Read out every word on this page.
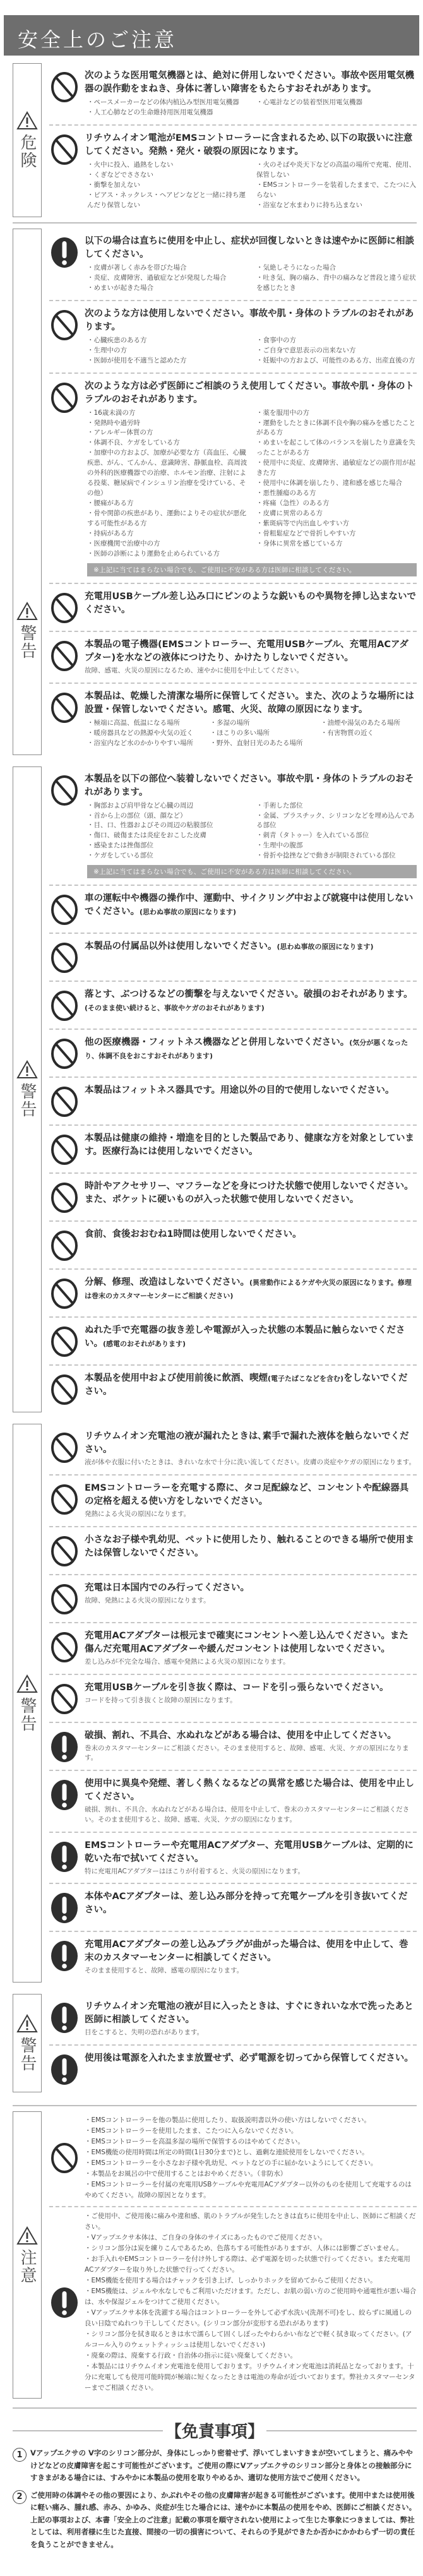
安全上のご注意
危険
次のような医用電気機器とは、絶対に併用しないでください。事故や医用電気機器の誤作動をまねき、身体に著しい障害をもたらすおそれがあります。
・ペースメーカーなどの体内植込み型医用電気機器
・人工心肺などの生命維持用医用電気機器
・心電計などの装着型医用電気機器
リチウムイオン電池がEMSコントローラーに含まれるため､以下の取扱いに注意してください。発熱・発火・破裂の原因になります。
・火中に投入、過熱をしない
・くぎなどでささない
・衝撃を加えない
・ピアス・ネックレス・ヘアピンなどと一緒に持ち運んだり保管しない
・火のそばや炎天下などの高温の場所で充電、使用、保管しない
・EMSコントローラーを装着したままで、こたつに入らない
・浴室など水まわりに持ち込まない
警告
以下の場合は直ちに使用を中止し、症状が回復しないときは速やかに医師に相談してください。
・皮膚が著しく赤みを帯びた場合
・炎症、皮膚障害、過敏症などが発現した場合
・めまいが起きた場合
・気絶しそうになった場合
・吐き気、胸の痛み、背中の痛みなど普段と違う症状を感じたとき
次のような方は使用しないでください。事故や肌・身体のトラブルのおそれがあります。
・心臓疾患のある方
・生理中の方
・医師が使用を不適当と認めた方
・食事中の方
・ご自身で意思表示の出来ない方
・妊娠中の方および、可能性のある方、出産直後の方
次のような方は必ず医師にご相談のうえ使用してください。事故や肌・身体のトラブルのおそれがあります。
・16歳未満の方
・発熱時や過労時
・アレルギー体質の方
・体調不良、ケガをしている方
・加療中の方および、加療が必要な方（高血圧、心臓疾患、がん、てんかん、意識障害、静脈血栓、高周波の外科的医療機器での治療、ホルモン治療、注射による投薬、糖尿病でインシュリン治療を受けている、その他）
・腰痛がある方
・骨や関節の疾患があり、運動によりその症状が悪化する可能性がある方
・持病がある方
・医療機関で治療中の方
・医師の診断により運動を止められている方
・薬を服用中の方
・運動をしたときに体調不良や胸の痛みを感じたことがある方
・めまいを起こして体のバランスを崩したり意識を失ったことがある方
・使用中に炎症、皮膚障害、過敏症などの副作用が起きた方
・使用中に体調を崩したり、違和感を感じた場合
・悪性腫瘍のある方
・疼痛（急性）のある方
・皮膚に異常のある方
・紫斑病等で内出血しやすい方
・骨粗鬆症などで骨折しやすい方
・身体に異常を感じている方
※上記に当てはまらない場合でも、ご使用に不安がある方は医師に相談してください。
充電用USBケーブル差し込み口にピンのような鋭いものや異物を挿し込まないでください。
本製品の電子機器(EMSコントローラー、充電用USBケーブル、充電用ACアダプター)を水などの液体につけたり、かけたりしないでください。
故障、感電、火災の原因になるため、速やかに使用を中止してください。
本製品は、乾燥した清潔な場所に保管してください。また、次のような場所には設置・保管しないでください。感電、火災、故障の原因になります。
・極端に高温、低温になる場所
・暖房器具などの熱源や火気の近く
・浴室内など水のかかりやすい場所
・多湿の場所
・ほこりの多い場所
・野外、直射日光のあたる場所
・油煙や湯気のあたる場所
・有害物質の近く
警告
本製品を以下の部位へ装着しないでください。事故や肌・身体のトラブルのおそれがあります。
・胸部および肩甲骨など心臓の周辺
・首から上の部位（頭、顔など）
・目、口、性器およびその周辺の粘膜部位
・傷口、破傷または炎症をおこした皮膚
・感染または挫傷部位
・ケガをしている部位
・手術した部位
・金属、プラスチック、シリコンなどを埋め込んである部位
・刺青（タトゥー）を入れている部位
・生理中の腹部
・骨折や捻挫などで動きが制限されている部位
※上記に当てはまらない場合でも、ご使用に不安がある方は医師に相談してください。
車の運転中や機器の操作中、運動中、サイクリング中および就寝中は使用しないでください。(思わぬ事故の原因になります)
本製品の付属品以外は使用しないでください。(思わぬ事故の原因になります)
落とす、ぶつけるなどの衝撃を与えないでください。破損のおそれがあります。(そのまま使い続けると、事故やケガのおそれがあります)
他の医療機器・フィットネス機器などと併用しないでください。(気分が悪くなったり、体調不良をおこすおそれがあります)
本製品はフィットネス器具です。用途以外の目的で使用しないでください。
本製品は健康の維持・増進を目的とした製品であり、健康な方を対象としています。医療行為には使用しないでください。
時計やアクセサリー、マフラーなどを身につけた状態で使用しないでください。また、ポケットに硬いものが入った状態で使用しないでください。
食前、食後おおむね1時間は使用しないでください。
分解、修理、改造はしないでください。(異常動作によるケガや火災の原因になります。修理は巻末のカスタマーセンターにご相談ください)
ぬれた手で充電器の抜き差しや電源が入った状態の本製品に触らないでください。(感電のおそれがあります)
本製品を使用中および使用前後に飲酒、喫煙(電子たばこなどを含む)をしないでください。
警告
リチウムイオン充電池の液が漏れたときは､素手で漏れた液体を触らないでください。
液が体や衣服に付いたときは、きれいな水で十分に洗い流してください。皮膚の炎症やケガの原因になります。
EMSコントローラーを充電する際に、タコ足配線など、コンセントや配線器具の定格を超える使い方をしないでください。
発熱による火災の原因になります。
小さなお子様や乳幼児、ペットに使用したり、触れることのできる場所で使用または保管しないでください。
充電は日本国内でのみ行ってください。
故障、発熱による火災の原因になります。
充電用ACアダプターは根元まで確実にコンセントへ差し込んでください。また傷んだ充電用ACアダプターや緩んだコンセントは使用しないでください。
差し込みが不完全な場合、感電や発熱による火災の原因になります。
充電用USBケーブルを引き抜く際は、コードを引っ張らないでください。
コードを持って引き抜くと故障の原因になります。
破損、割れ、不具合、水ぬれなどがある場合は、使用を中止してください。
巻末のカスタマーセンターにご相談ください。そのまま使用すると、故障、感電、火災、ケガの原因になります。
使用中に異臭や発煙、著しく熱くなるなどの異常を感じた場合は、使用を中止してください。
破損、割れ、不具合、水ぬれなどがある場合は、使用を中止して、巻末のカスタマーセンターにご相談ください。そのまま使用すると、故障、感電、火災、ケガの原因になります。
EMSコントローラーや充電用ACアダプター、充電用USBケーブルは、定期的に乾いた布で拭いてください。
特に充電用ACアダプターはほこりが付着すると、火災の原因になります。
本体やACアダプターは、差し込み部分を持って充電ケーブルを引き抜いてください。
充電用ACアダプターの差し込みプラグが曲がった場合は、使用を中止して、巻末のカスタマーセンターに相談してください。
そのまま使用すると、故障、感電の原因になります。
警告
リチウムイオン充電池の液が目に入ったときは、すぐにきれいな水で洗ったあと医師に相談してください。
目をこすると、失明の恐れがあります。
使用後は電源を入れたまま放置せず、必ず電源を切ってから保管してください。
注意
・EMSコントローラーを他の製品に使用したり、取扱説明書以外の使い方はしないでください。
・EMSコントローラーを使用したまま、こたつに入らないでください。
・EMSコントローラーを高温多湿の場所で保管するのはやめてください。
・EMS機能の使用時間は所定の時間(1日30分まで)とし、過剰な連続使用をしないでください。
・EMSコントローラーを小さなお子様や乳幼児、ペットなどの手に届かないようにしてください。
・本製品をお風呂の中で使用することはおやめください。（非防水）
・EMSコントローラーを付属の充電用USBケーブルや充電用ACアダプター以外のものを使用して充電するのはやめてください。故障の原因となります。
・ご使用中、ご使用後に痛みや違和感、肌のトラブルが発生したときは直ちに使用を中止し、医師にご相談ください。
・Vアップエクサ本体は、ご自身の身体のサイズにあったものでご使用ください。
・シリコン部分は炭を練りこんであるため、色落ちする可能性がありますが、人体には影響ございません。
・お手入れやEMSコントローラーを付け外しする際は、必ず電源を切った状態で行ってください。また充電用ACアダプターを取り外した状態で行ってください。
・EMS機能を使用する場合はチャックを引き上げ、しっかりホックを留めてからご使用ください。
・EMS機能は、ジェルや水なしでもご利用いただけます。ただし、お肌の弱い方のご使用時や通電性が悪い場合は、水や保湿ジェルをつけてご使用ください。
・Vアップエクサ本体を洗濯する場合はコントローラーを外して必ず水洗い(洗剤不可)をし、絞らずに風通しの良い日陰でぬれつり干ししてください。(シリコン部分が変形する恐れがあります)
・シリコン部分を拭き取るときは水で濡らして固くしぼったやわらかい布などで軽く拭き取ってください。(アルコール入りのウェットティッシュは使用しないでください)
・廃棄の際は、廃棄する行政・自治体の指示に従い廃棄してください。
・本製品にはリチウムイオン充電池を使用しております。リチウムイオン充電池は消耗品となっております。十分に充電しても使用可能時間が極端に短くなったときは電池の寿命が近づいております。弊社カスタマーセンターまでご相談ください。
【免責事項】
1	Vアップエクサの V字のシリコン部分が、身体にしっかり密着せず、浮いてしまいすきまが空いてしまうと、痛みややけどなどの皮膚障害を起こす可能性がございます。ご使用の際にVアップエクサのシリコン部分と身体との接触部分にすきまがある場合には、すみやかに本製品の使用を取りやめるか、適切な使用方法でご使用ください。
2	ご使用時の体調やその他の要因により、かぶれやその他の皮膚障害が起きる可能性がございます。使用中または使用後に軽い痛み、腫れ感、赤み、かゆみ、炎症が生じた場合には、速やかに本製品の使用をやめ、医師にご相談ください。上記の事項および、本書「安全上のご注意」記載の事項を順守されない使用によって生じた事象につきましては、弊社としては、利用者様に生じた直接、間接の一切の損害について、それらの予見ができたか否かにかかわらず一切の責任を負うことができません。
